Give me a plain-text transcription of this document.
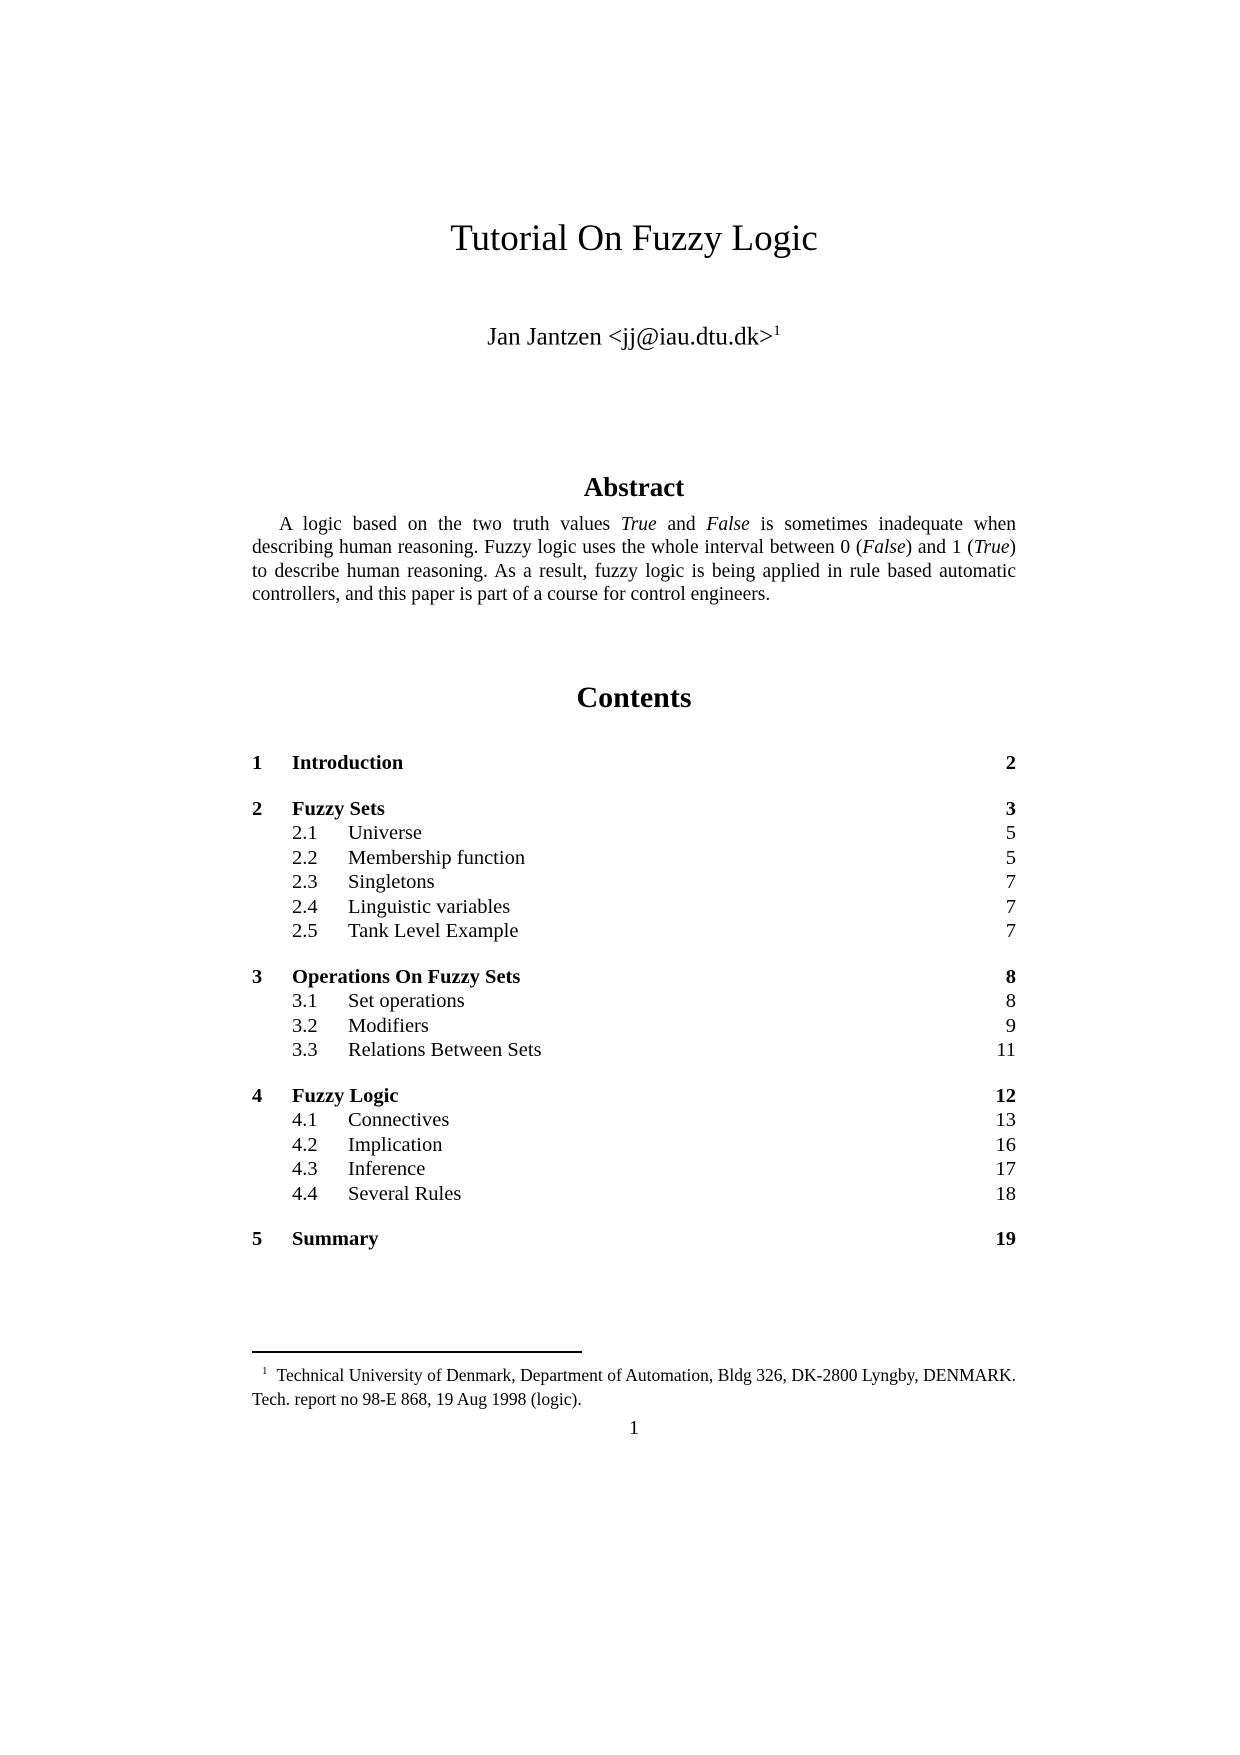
Tutorial On Fuzzy Logic
Jan Jantzen <jj@iau.dtu.dk>$^1$
Abstract

A logic based on the two truth values True and False is sometimes inadequate when describing human reasoning. Fuzzy logic uses the whole interval between 0 (False) and 1 (True) to describe human reasoning. As a result, fuzzy logic is being applied in rule based automatic controllers, and this paper is part of a course for control engineers.

Contents
1	Introduction	2
2	Fuzzy Sets	3
2.1	Universe	5
2.2	Membership function	5
2.3	Singletons	7
2.4	Linguistic variables	7
2.5	Tank Level Example	7
3	Operations On Fuzzy Sets	8
3.1	Set operations	8
3.2	Modifiers	9
3.3	Relations Between Sets	11
4	Fuzzy Logic	12
4.1	Connectives	13
4.2	Implication	16
4.3	Inference	17
4.4	Several Rules	18
5	Summary	19

$^1$ Technical University of Denmark, Department of Automation, Bldg 326, DK-2800 Lyngby, DENMARK. Tech. report no 98-E 868, 19 Aug 1998 (logic).

1
